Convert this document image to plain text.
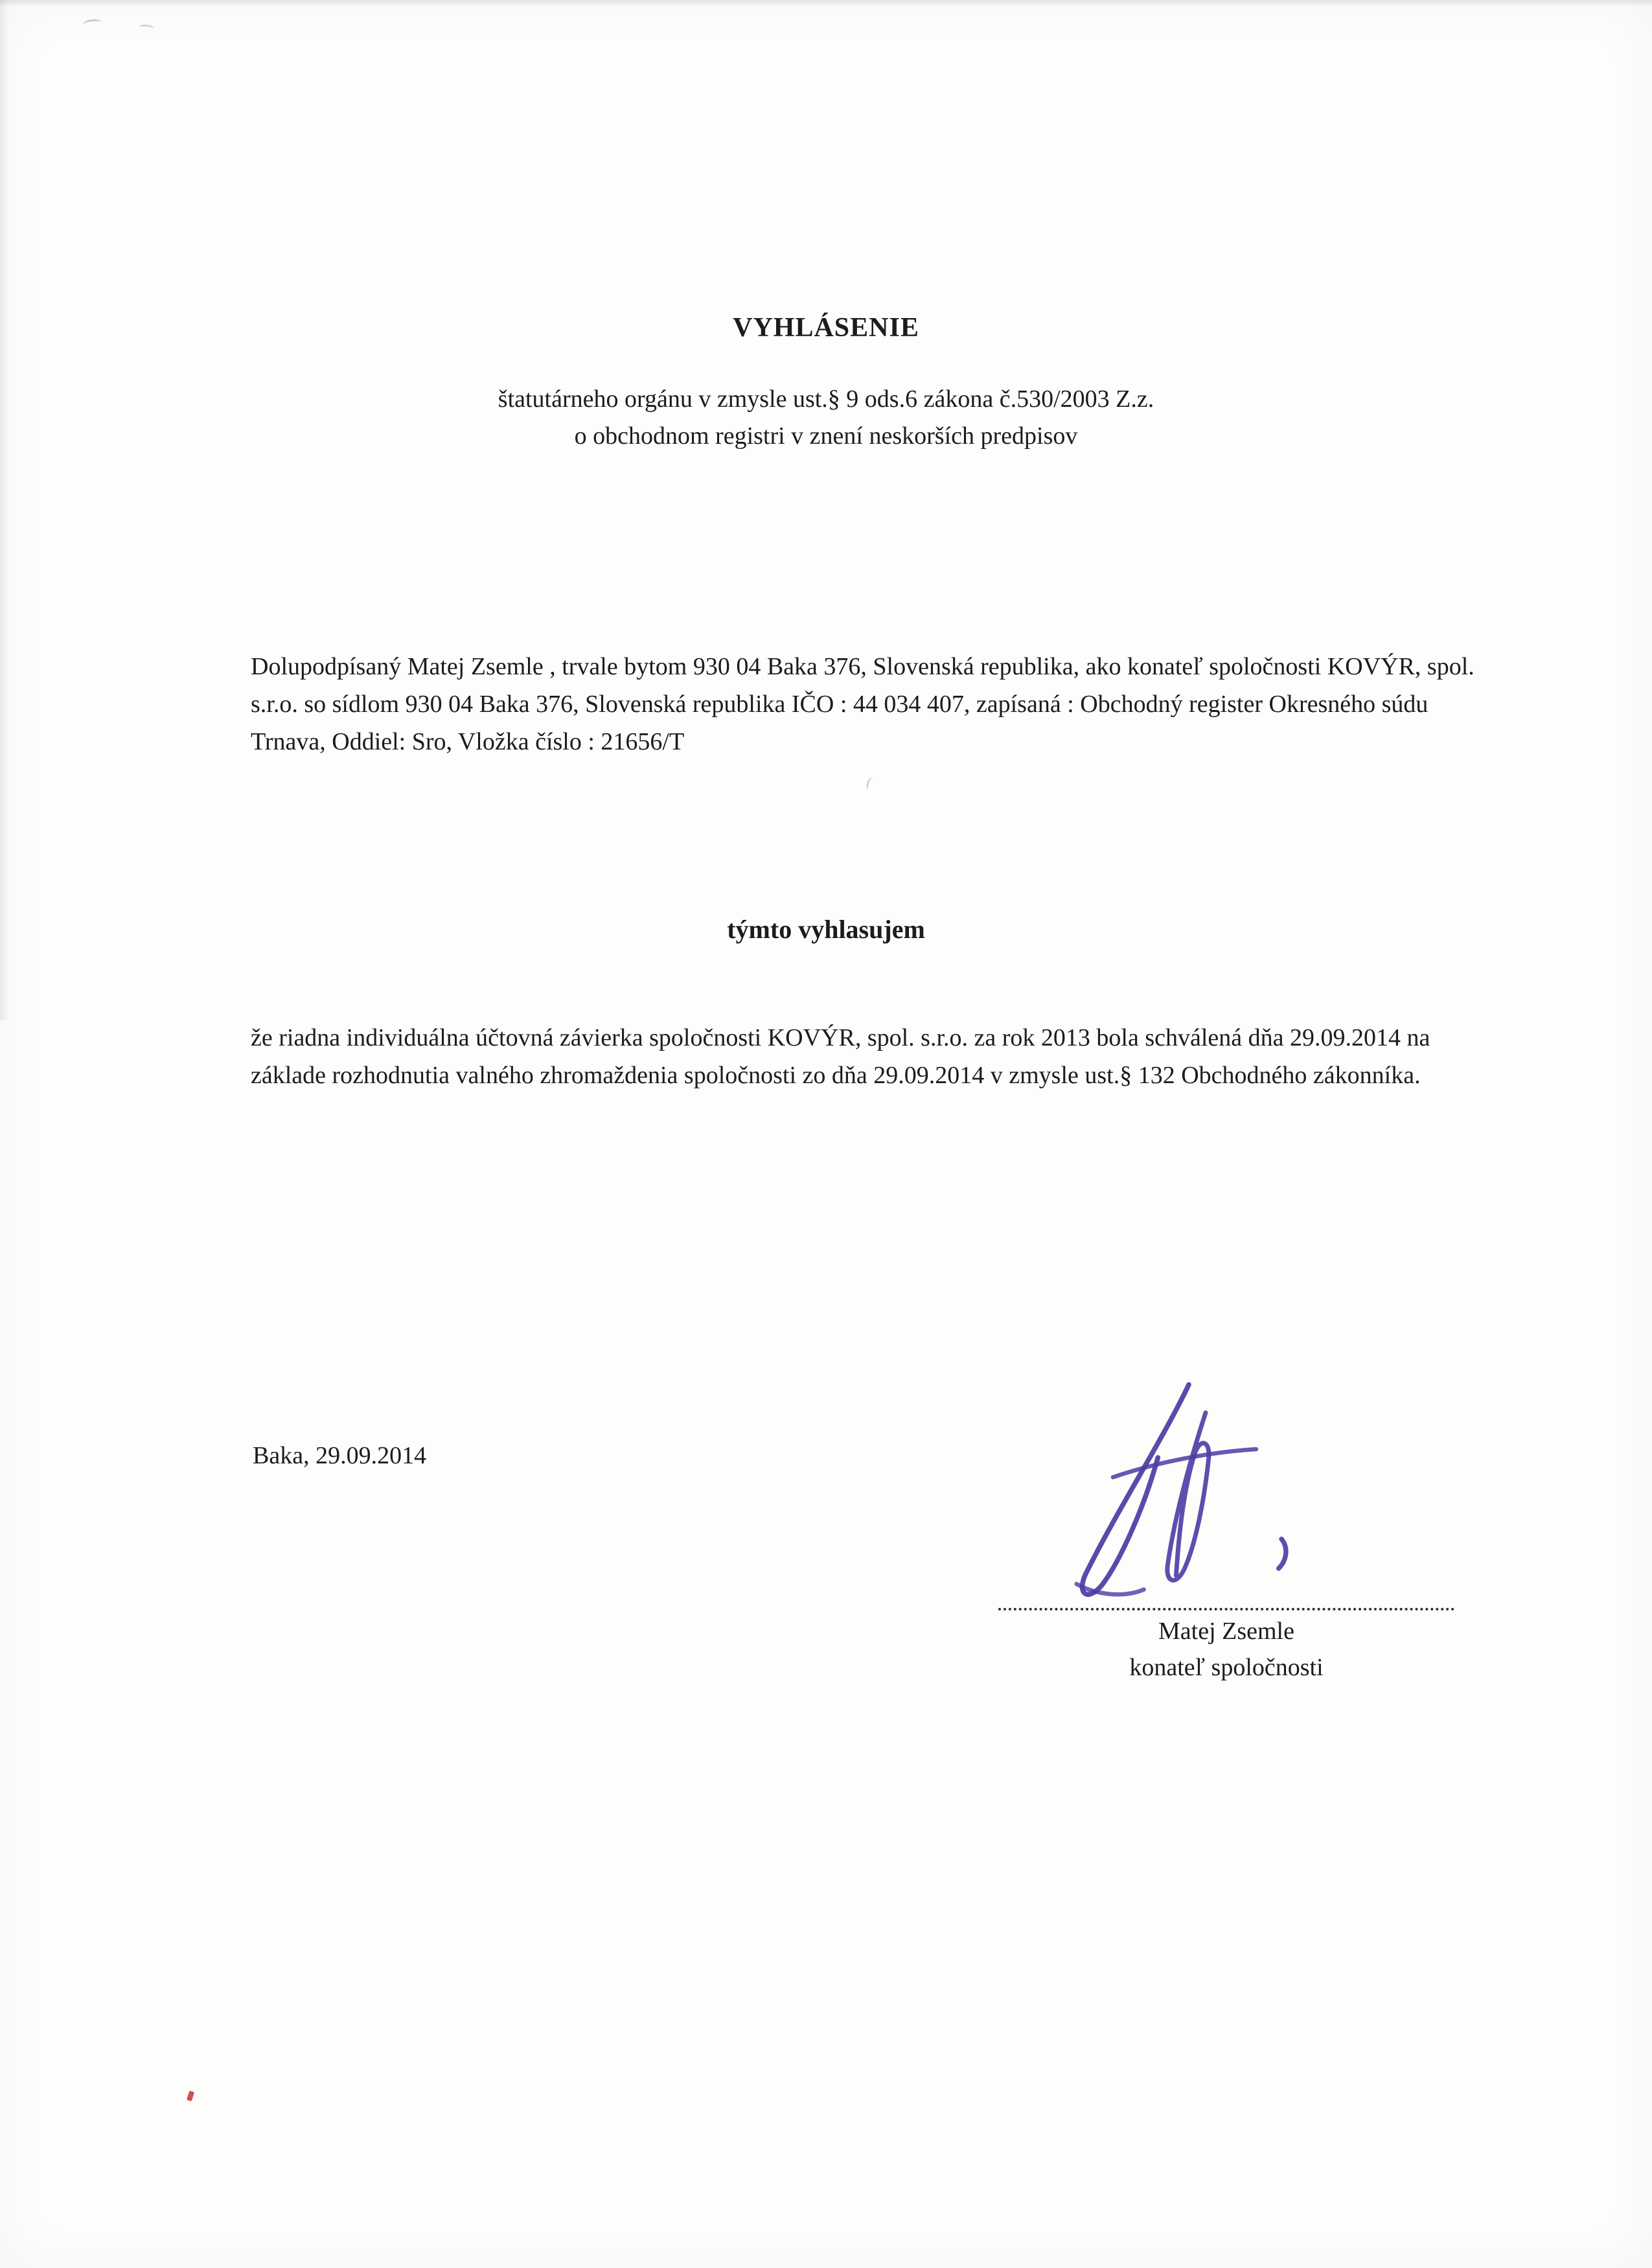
VYHLÁSENIE
štatutárneho orgánu v zmysle ust.§ 9 ods.6 zákona č.530/2003 Z.z.
o obchodnom registri v znení neskorších predpisov
Dolupodpísaný Matej Zsemle , trvale bytom 930 04 Baka 376, Slovenská republika, ako konateľ spoločnosti KOVÝR, spol. s.r.o. so sídlom 930 04 Baka 376, Slovenská republika IČO : 44 034 407, zapísaná : Obchodný register Okresného súdu Trnava, Oddiel: Sro, Vložka číslo : 21656/T
týmto vyhlasujem
že riadna individuálna účtovná závierka spoločnosti KOVÝR, spol. s.r.o. za rok 2013 bola schválená dňa 29.09.2014 na základe rozhodnutia valného zhromaždenia spoločnosti zo dňa 29.09.2014 v zmysle ust.§ 132 Obchodného zákonníka.
Baka, 29.09.2014
Matej Zsemle
konateľ spoločnosti
